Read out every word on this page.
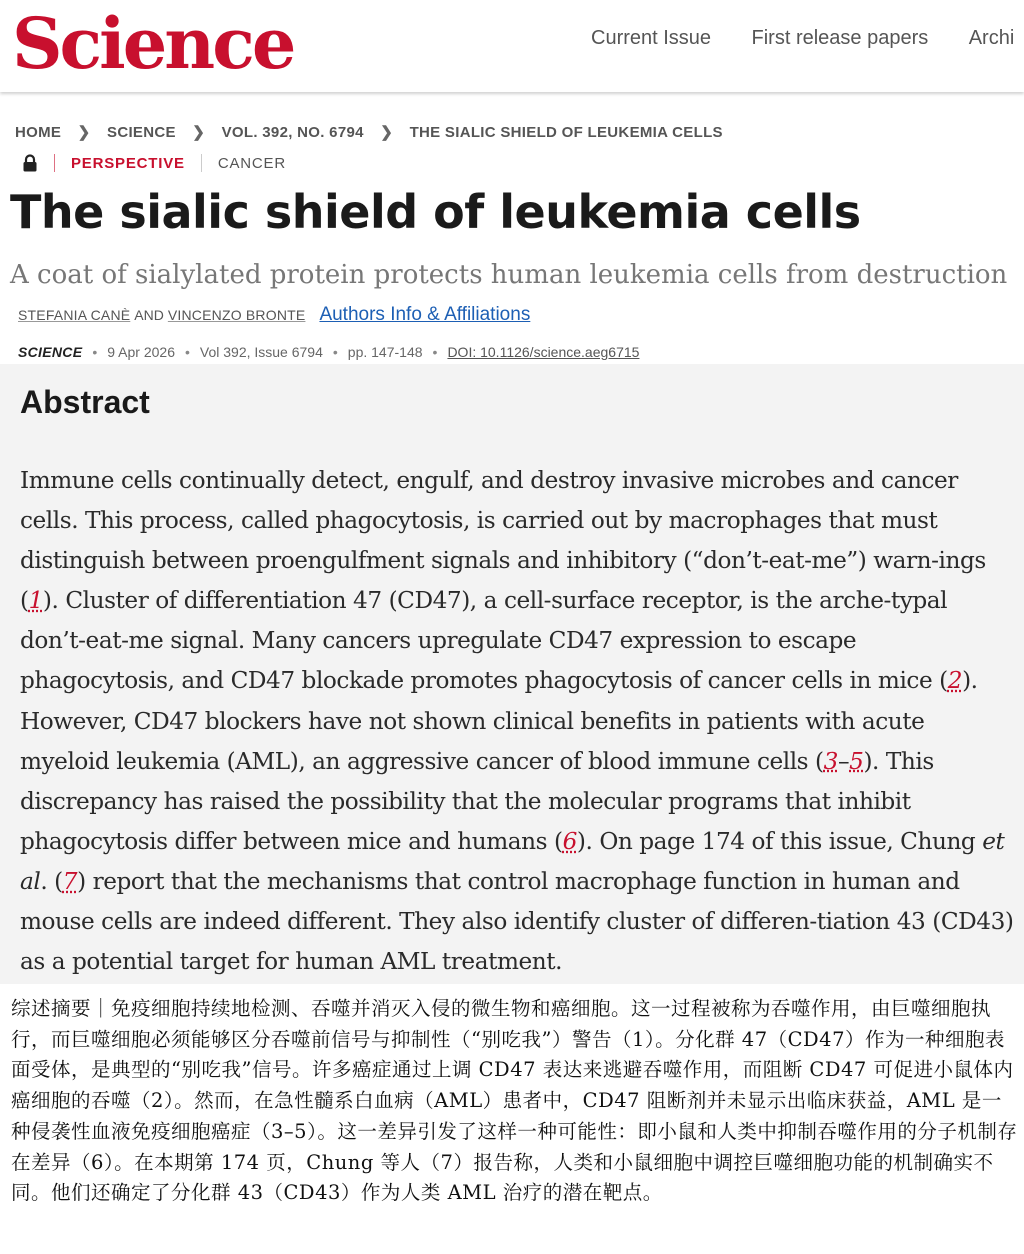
Science	Current Issue First release papers Archi
HOME ❯ SCIENCE ❯ VOL. 392, NO. 6794 ❯ THE SIALIC SHIELD OF LEUKEMIA CELLS
PERSPECTIVE CANCER
The sialic shield of leukemia cells
A coat of sialylated protein protects human leukemia cells from destruction
STEFANIA CANÈ AND VINCENZO BRONTE Authors Info & Affiliations
SCIENCE • 9 Apr 2026 • Vol 392, Issue 6794 • pp. 147-148 • DOI: 10.1126/science.aeg6715
Abstract

Immune cells continually detect, engulf, and destroy invasive microbes and cancer cells. This process, called phagocytosis, is carried out by macrophages that must distinguish between proengulfment signals and inhibitory (“don’t-eat-me”) warn-ings (1). Cluster of differentiation 47 (CD47), a cell-surface receptor, is the arche-typal don’t-eat-me signal. Many cancers upregulate CD47 expression to escape phagocytosis, and CD47 blockade promotes phagocytosis of cancer cells in mice (2). However, CD47 blockers have not shown clinical benefits in patients with acute myeloid leukemia (AML), an aggressive cancer of blood immune cells (3–5). This discrepancy has raised the possibility that the molecular programs that inhibit phagocytosis differ between mice and humans (6). On page 174 of this issue, Chung et al. (7) report that the mechanisms that control macrophage function in human and mouse cells are indeed different. They also identify cluster of differen-tiation 43 (CD43) as a potential target for human AML treatment.

综述摘要｜免疫细胞持续地检测、吞噬并消灭入侵的微生物和癌细胞。这一过程被称为吞噬作用，由巨噬细胞执行，而巨噬细胞必须能够区分吞噬前信号与抑制性（“别吃我”）警告（1）。分化群 47（CD47）作为一种细胞表面受体，是典型的“别吃我”信号。许多癌症通过上调 CD47 表达来逃避吞噬作用，而阻断 CD47 可促进小鼠体内癌细胞的吞噬（2）。然而，在急性髓系白血病（AML）患者中，CD47 阻断剂并未显示出临床获益，AML 是一种侵袭性血液免疫细胞癌症（3–5）。这一差异引发了这样一种可能性：即小鼠和人类中抑制吞噬作用的分子机制存在差异（6）。在本期第 174 页，Chung 等人（7）报告称，人类和小鼠细胞中调控巨噬细胞功能的机制确实不同。他们还确定了分化群 43（CD43）作为人类 AML 治疗的潜在靶点。
